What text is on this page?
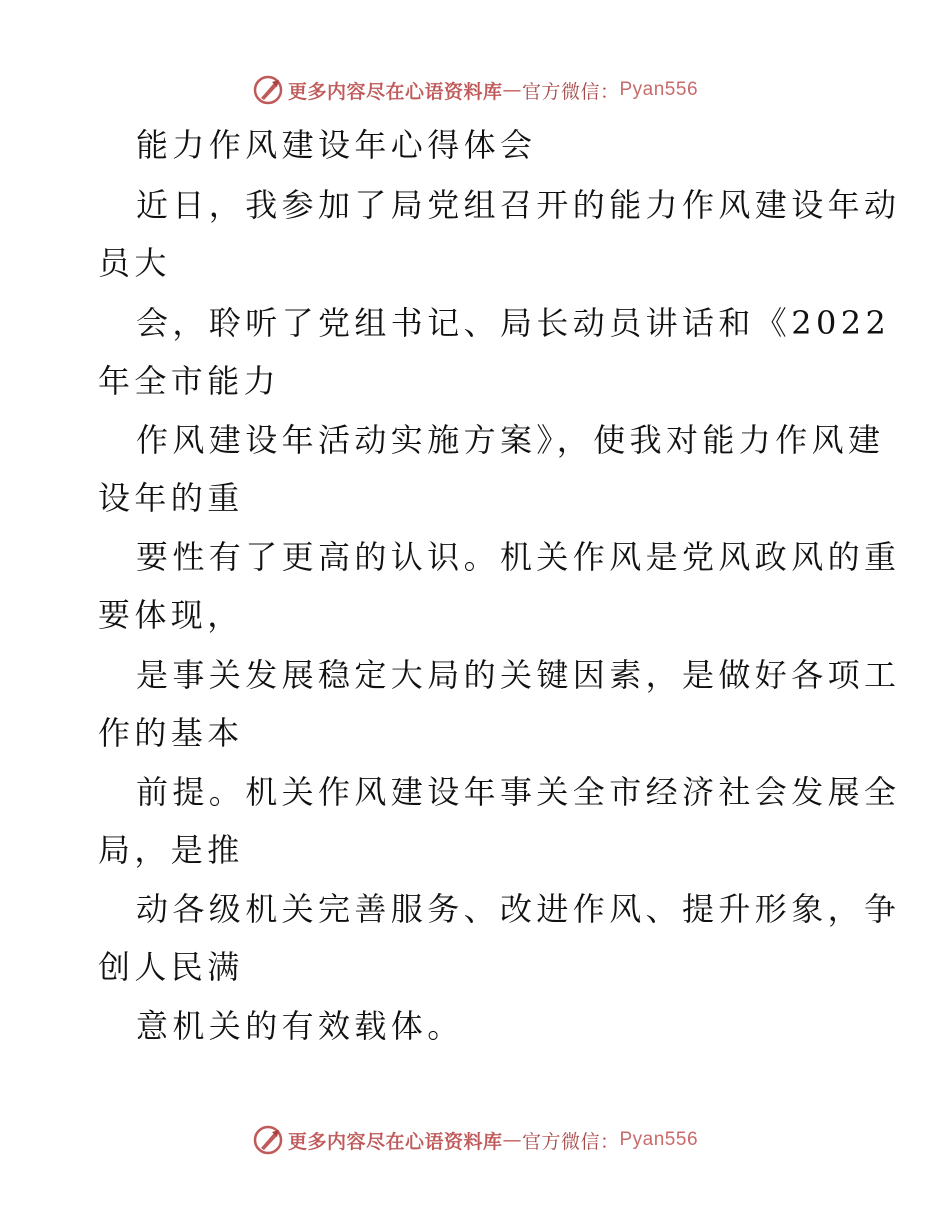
更多内容尽在心语资料库 — 官方微信： Pyan556
能力作风建设年心得体会
近日，我参加了局党组召开的能力作风建设年动
员大
会，聆听了党组书记、局长动员讲话和《2022
年全市能力
作风建设年活动实施方案》，使我对能力作风建
设年的重
要性有了更高的认识。机关作风是党风政风的重
要体现，
是事关发展稳定大局的关键因素，是做好各项工
作的基本
前提。机关作风建设年事关全市经济社会发展全
局，是推
动各级机关完善服务、改进作风、提升形象，争
创人民满
意机关的有效载体。
更多内容尽在心语资料库 — 官方微信： Pyan556
